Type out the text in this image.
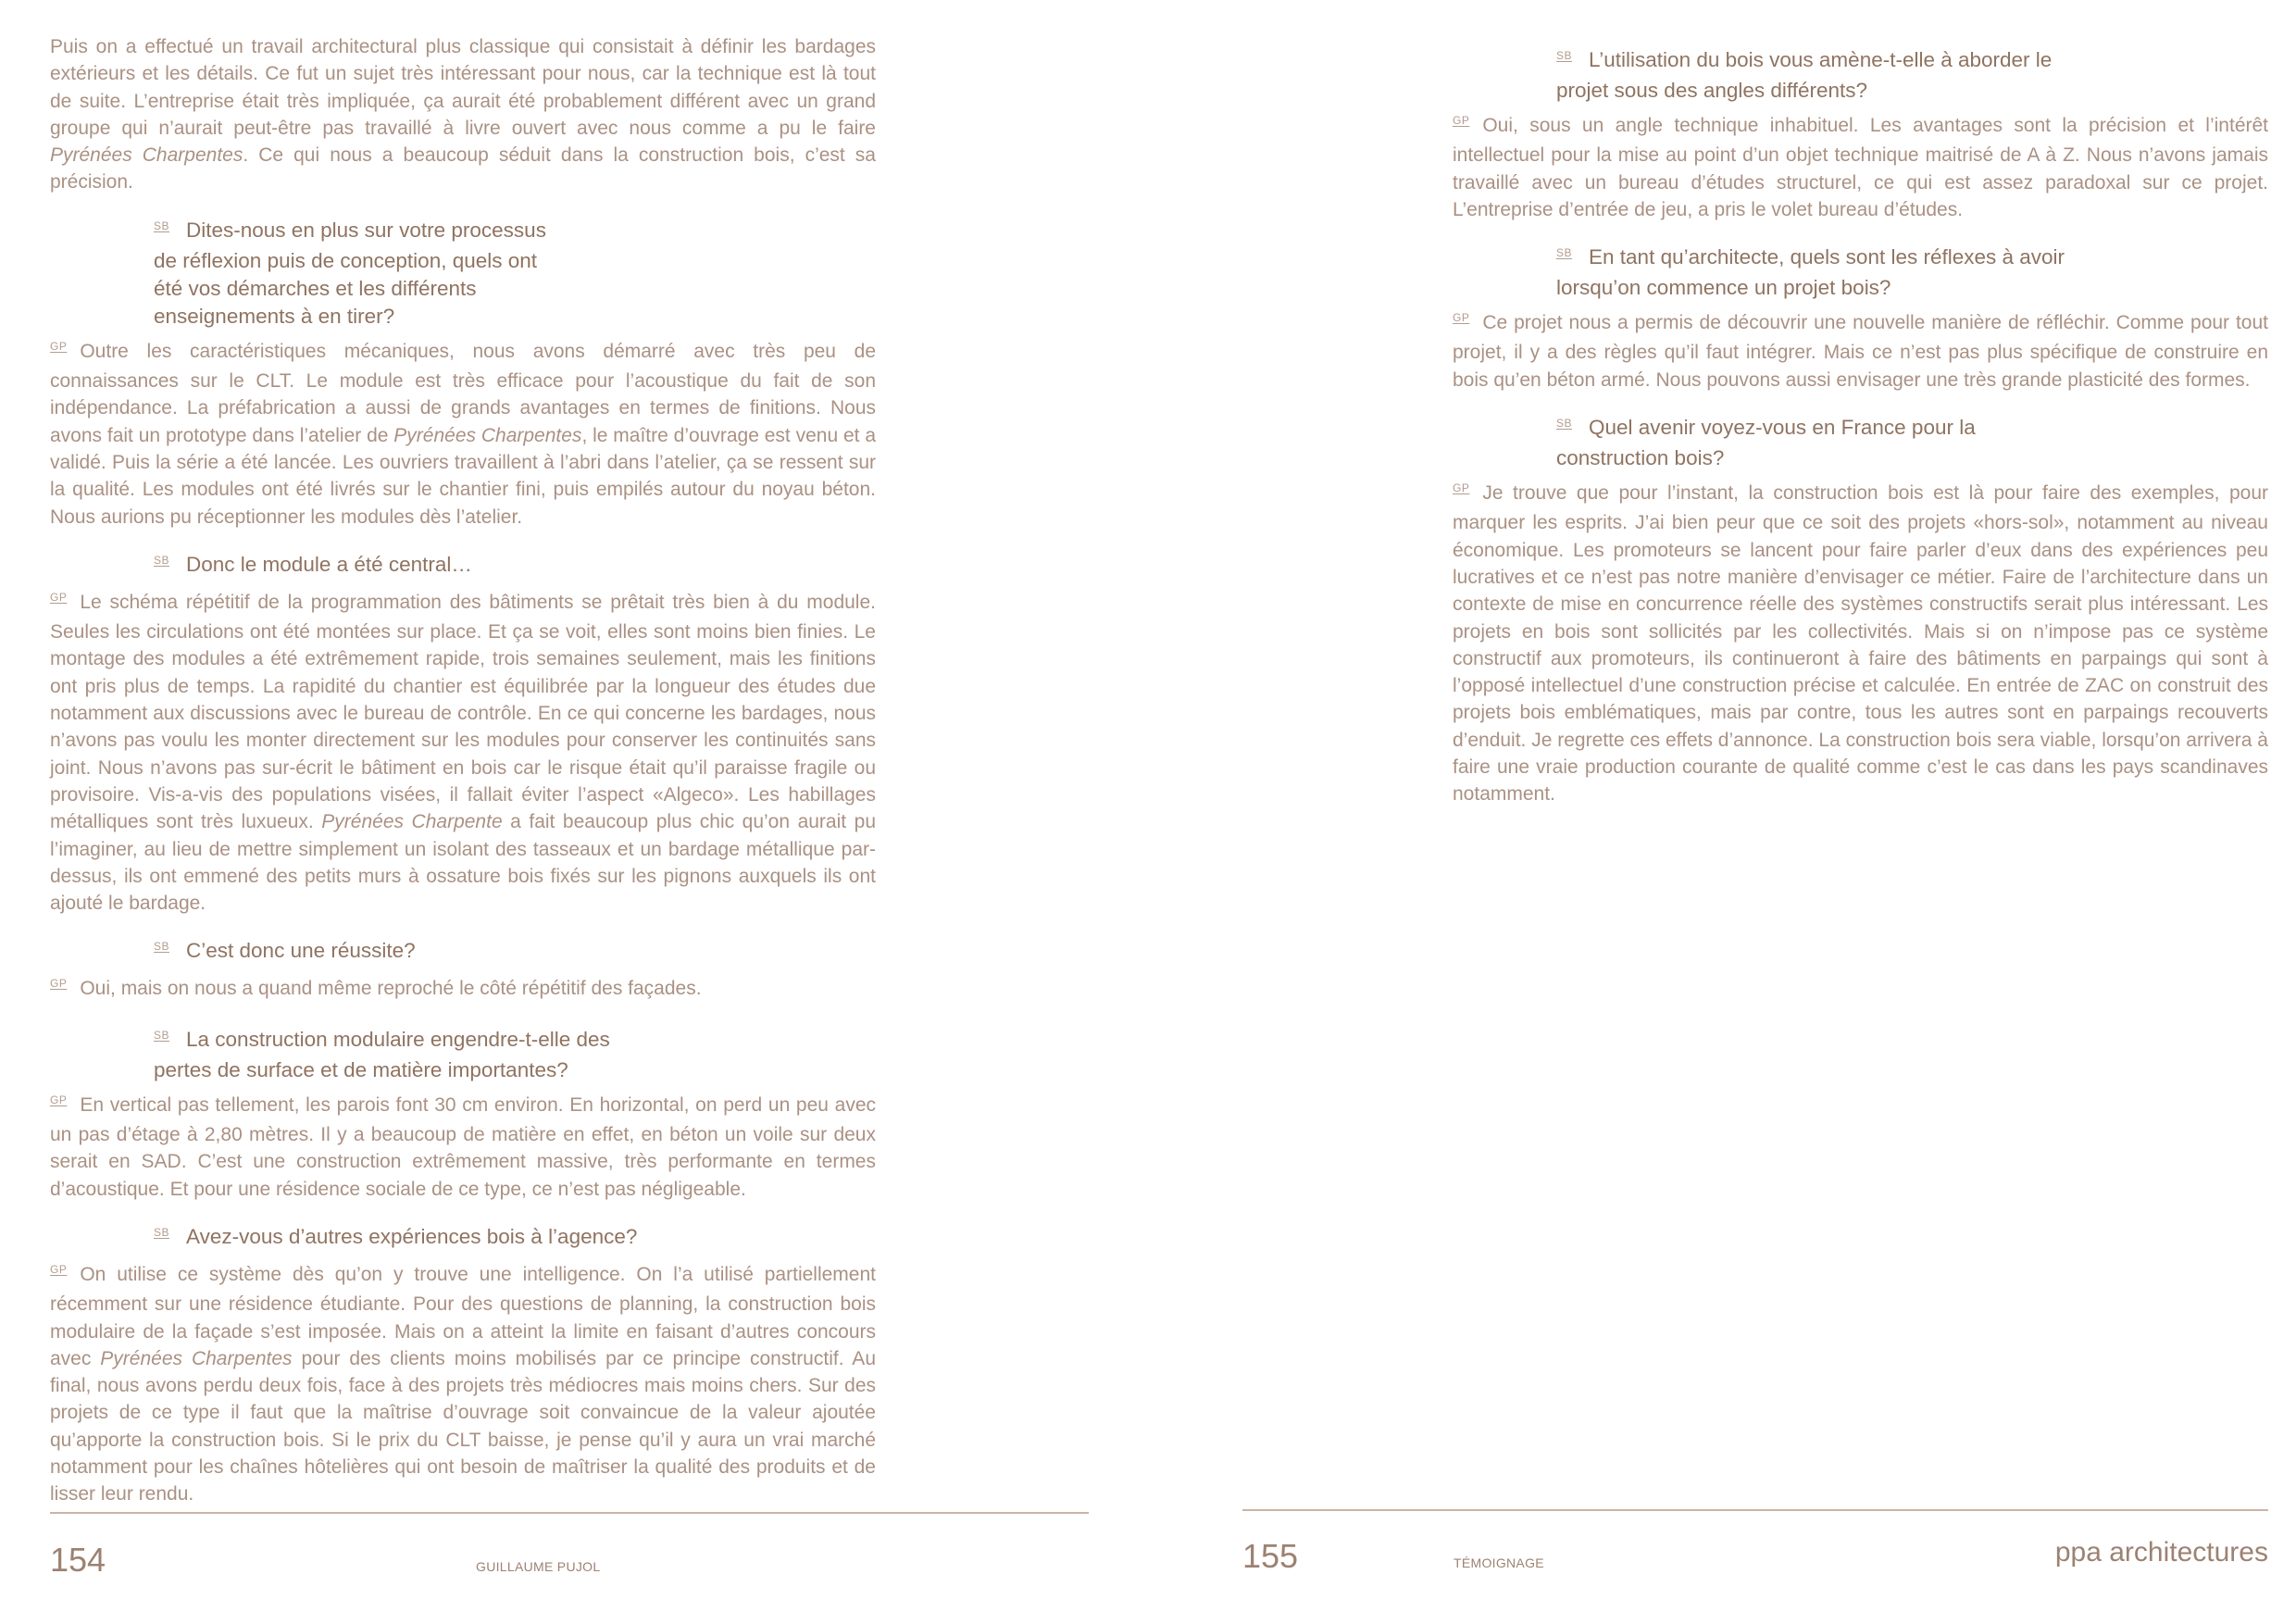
Puis on a effectué un travail architectural plus classique qui consistait à définir les bardages extérieurs et les détails. Ce fut un sujet très intéressant pour nous, car la technique est là tout de suite. L’entreprise était très impliquée, ça aurait été probablement différent avec un grand groupe qui n’aurait peut-être pas travaillé à livre ouvert avec nous comme a pu le faire Pyrénées Charpentes. Ce qui nous a beaucoup séduit dans la construction bois, c’est sa précision.

$^{SB}$ Dites-nous en plus sur votre processus de réflexion puis de conception, quels ont été vos démarches et les différents enseignements à en tirer?

$^{GP}$ Outre les caractéristiques mécaniques, nous avons démarré avec très peu de connaissances sur le CLT. Le module est très efficace pour l’acoustique du fait de son indépendance. La préfabrication a aussi de grands avantages en termes de finitions. Nous avons fait un prototype dans l’atelier de Pyrénées Charpentes, le maître d’ouvrage est venu et a validé. Puis la série a été lancée. Les ouvriers travaillent à l’abri dans l’atelier, ça se ressent sur la qualité. Les modules ont été livrés sur le chantier fini, puis empilés autour du noyau béton. Nous aurions pu réceptionner les modules dès l’atelier.

$^{SB}$ Donc le module a été central…

$^{GP}$ Le schéma répétitif de la programmation des bâtiments se prêtait très bien à du module. Seules les circulations ont été montées sur place. Et ça se voit, elles sont moins bien finies. Le montage des modules a été extrêmement rapide, trois semaines seulement, mais les finitions ont pris plus de temps. La rapidité du chantier est équilibrée par la longueur des études due notamment aux discussions avec le bureau de contrôle. En ce qui concerne les bardages, nous n’avons pas voulu les monter directement sur les modules pour conserver les continuités sans joint. Nous n’avons pas sur-écrit le bâtiment en bois car le risque était qu’il paraisse fragile ou provisoire. Vis-a-vis des populations visées, il fallait éviter l’aspect «Algeco». Les habillages métalliques sont très luxueux. Pyrénées Charpente a fait beaucoup plus chic qu’on aurait pu l’imaginer, au lieu de mettre simplement un isolant des tasseaux et un bardage métallique par-dessus, ils ont emmené des petits murs à ossature bois fixés sur les pignons auxquels ils ont ajouté le bardage.

$^{SB}$ C’est donc une réussite?

$^{GP}$ Oui, mais on nous a quand même reproché le côté répétitif des façades.

$^{SB}$ La construction modulaire engendre-t-elle des pertes de surface et de matière importantes?

$^{GP}$ En vertical pas tellement, les parois font 30 cm environ. En horizontal, on perd un peu avec un pas d’étage à 2,80 mètres. Il y a beaucoup de matière en effet, en béton un voile sur deux serait en SAD. C’est une construction extrêmement massive, très performante en termes d’acoustique. Et pour une résidence sociale de ce type, ce n’est pas négligeable.

$^{SB}$ Avez-vous d’autres expériences bois à l’agence?

$^{GP}$ On utilise ce système dès qu’on y trouve une intelligence. On l’a utilisé partiellement récemment sur une résidence étudiante. Pour des questions de planning, la construction bois modulaire de la façade s’est imposée. Mais on a atteint la limite en faisant d’autres concours avec Pyrénées Charpentes pour des clients moins mobilisés par ce principe constructif. Au final, nous avons perdu deux fois, face à des projets très médiocres mais moins chers. Sur des projets de ce type il faut que la maîtrise d’ouvrage soit convaincue de la valeur ajoutée qu’apporte la construction bois. Si le prix du CLT baisse, je pense qu’il y aura un vrai marché notamment pour les chaînes hôtelières qui ont besoin de maîtriser la qualité des produits et de lisser leur rendu.

154	GUILLAUME PUJOL
$^{SB}$ L’utilisation du bois vous amène-t-elle à aborder le projet sous des angles différents?

$^{GP}$ Oui, sous un angle technique inhabituel. Les avantages sont la précision et l’intérêt intellectuel pour la mise au point d’un objet technique maitrisé de A à Z. Nous n’avons jamais travaillé avec un bureau d’études structurel, ce qui est assez paradoxal sur ce projet. L’entreprise d’entrée de jeu, a pris le volet bureau d’études.

$^{SB}$ En tant qu’architecte, quels sont les réflexes à avoir lorsqu’on commence un projet bois?

$^{GP}$ Ce projet nous a permis de découvrir une nouvelle manière de réfléchir. Comme pour tout projet, il y a des règles qu’il faut intégrer. Mais ce n’est pas plus spécifique de construire en bois qu’en béton armé. Nous pouvons aussi envisager une très grande plasticité des formes.

$^{SB}$ Quel avenir voyez-vous en France pour la construction bois?

$^{GP}$ Je trouve que pour l’instant, la construction bois est là pour faire des exemples, pour marquer les esprits. J’ai bien peur que ce soit des projets «hors-sol», notamment au niveau économique. Les promoteurs se lancent pour faire parler d’eux dans des expériences peu lucratives et ce n’est pas notre manière d’envisager ce métier. Faire de l’architecture dans un contexte de mise en concurrence réelle des systèmes constructifs serait plus intéressant. Les projets en bois sont sollicités par les collectivités. Mais si on n’impose pas ce système constructif aux promoteurs, ils continueront à faire des bâtiments en parpaings qui sont à l’opposé intellectuel d’une construction précise et calculée. En entrée de ZAC on construit des projets bois emblématiques, mais par contre, tous les autres sont en parpaings recouverts d’enduit. Je regrette ces effets d’annonce. La construction bois sera viable, lorsqu’on arrivera à faire une vraie production courante de qualité comme c’est le cas dans les pays scandinaves notamment.

155	TÉMOIGNAGE	ppa architectures
